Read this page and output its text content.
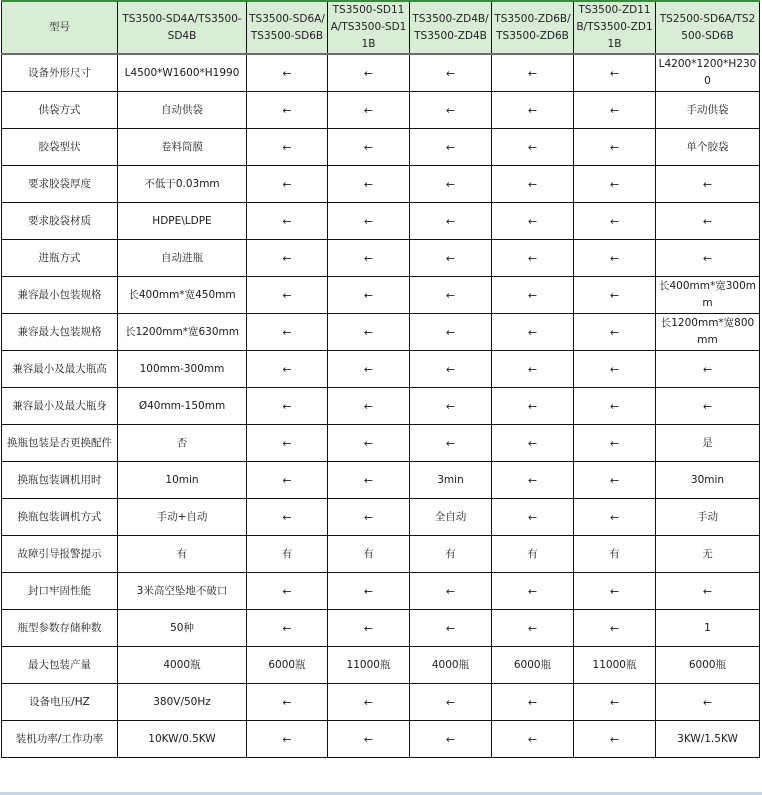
型号	TS3500-SD4A/TS3500-SD4B	TS3500-SD6A/TS3500-SD6B	TS3500-SD11A/TS3500-SD11B	TS3500-ZD4B/TS3500-ZD4B	TS3500-ZD6B/TS3500-ZD6B	TS3500-ZD11B/TS3500-ZD11B	TS2500-SD6A/TS2500-SD6B
设备外形尺寸	L4500*W1600*H1990	←	←	←	←	←	L4200*1200*H2300
供袋方式	自动供袋	←	←	←	←	←	手动供袋
胶袋型状	卷料筒膜	←	←	←	←	←	单个胶袋
要求胶袋厚度	不低于0.03mm	←	←	←	←	←	←
要求胶袋材质	HDPE\LDPE	←	←	←	←	←	←
进瓶方式	自动进瓶	←	←	←	←	←	←
兼容最小包装规格	长400mm*宽450mm	←	←	←	←	←	长400mm*宽300mm
兼容最大包装规格	长1200mm*宽630mm	←	←	←	←	←	长1200mm*宽800mm
兼容最小及最大瓶高	100mm-300mm	←	←	←	←	←	←
兼容最小及最大瓶身	Ø40mm-150mm	←	←	←	←	←	←
换瓶包装是否更换配件	否	←	←	←	←	←	是
换瓶包装调机用时	10min	←	←	3min	←	←	30min
换瓶包装调机方式	手动+自动	←	←	全自动	←	←	手动
故障引导报警提示	有	有	有	有	有	有	无
封口牢固性能	3米高空坠地不破口	←	←	←	←	←	←
瓶型参数存储种数	50种	←	←	←	←	←	1
最大包装产量	4000瓶	6000瓶	11000瓶	4000瓶	6000瓶	11000瓶	6000瓶
设备电压/HZ	380V/50Hz	←	←	←	←	←	←
装机功率/工作功率	10KW/0.5KW	←	←	←	←	←	3KW/1.5KW
